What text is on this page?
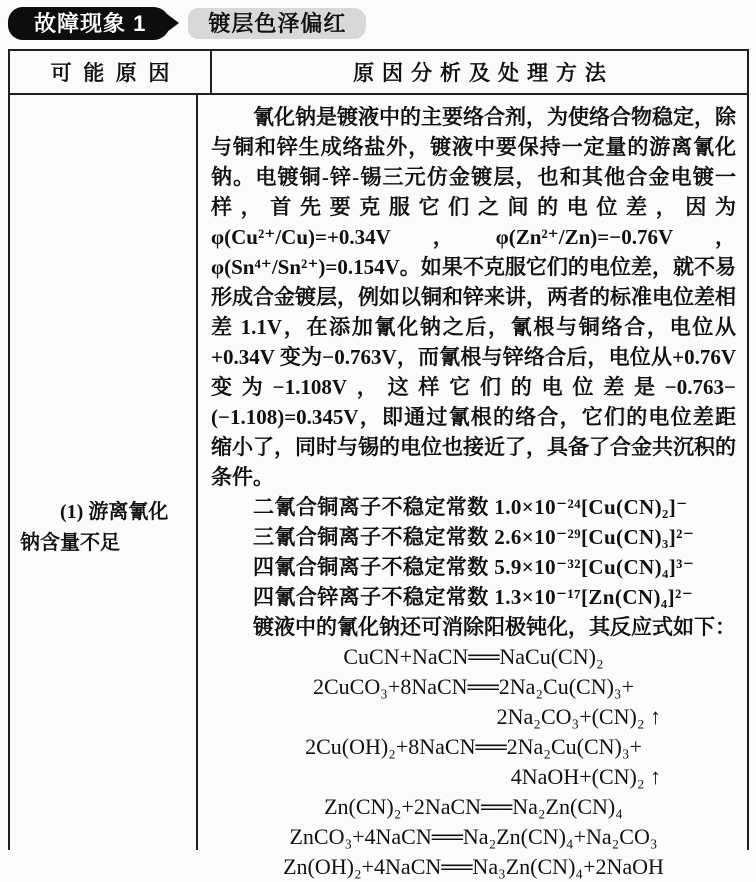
故障现象 1	镀层色泽偏红
可能原因	原因分析及处理方法

(1) 游离氰化钠含量不足

氰化钠是镀液中的主要络合剂，为使络合物稳定，除与铜和锌生成络盐外，镀液中要保持一定量的游离氰化钠。电镀铜-锌-锡三元仿金镀层，也和其他合金电镀一样，首先要克服它们之间的电位差，因为 φ(Cu²⁺/Cu)=+0.34V，φ(Zn²⁺/Zn)=−0.76V，φ(Sn⁴⁺/Sn²⁺)=0.154V。如果不克服它们的电位差，就不易形成合金镀层，例如以铜和锌来讲，两者的标准电位差相差 1.1V，在添加氰化钠之后，氰根与铜络合，电位从+0.34V 变为−0.763V，而氰根与锌络合后，电位从+0.76V 变为−1.108V，这样它们的电位差是−0.763−(−1.108)=0.345V，即通过氰根的络合，它们的电位差距缩小了，同时与锡的电位也接近了，具备了合金共沉积的条件。

二氰合铜离子不稳定常数 1.0×10⁻²⁴[Cu(CN)₂]⁻
三氰合铜离子不稳定常数 2.6×10⁻²⁹[Cu(CN)₃]²⁻
四氰合铜离子不稳定常数 5.9×10⁻³²[Cu(CN)₄]³⁻
四氰合锌离子不稳定常数 1.3×10⁻¹⁷[Zn(CN)₄]²⁻
镀液中的氰化钠还可消除阳极钝化，其反应式如下：
CuCN+NaCN══NaCu(CN)₂
2CuCO₃+8NaCN══2Na₂Cu(CN)₃+
2Na₂CO₃+(CN)₂ ↑
2Cu(OH)₂+8NaCN══2Na₂Cu(CN)₃+
4NaOH+(CN)₂ ↑
Zn(CN)₂+2NaCN══Na₂Zn(CN)₄
ZnCO₃+4NaCN══Na₂Zn(CN)₄+Na₂CO₃
Zn(OH)₂+4NaCN══Na₃Zn(CN)₄+2NaOH
